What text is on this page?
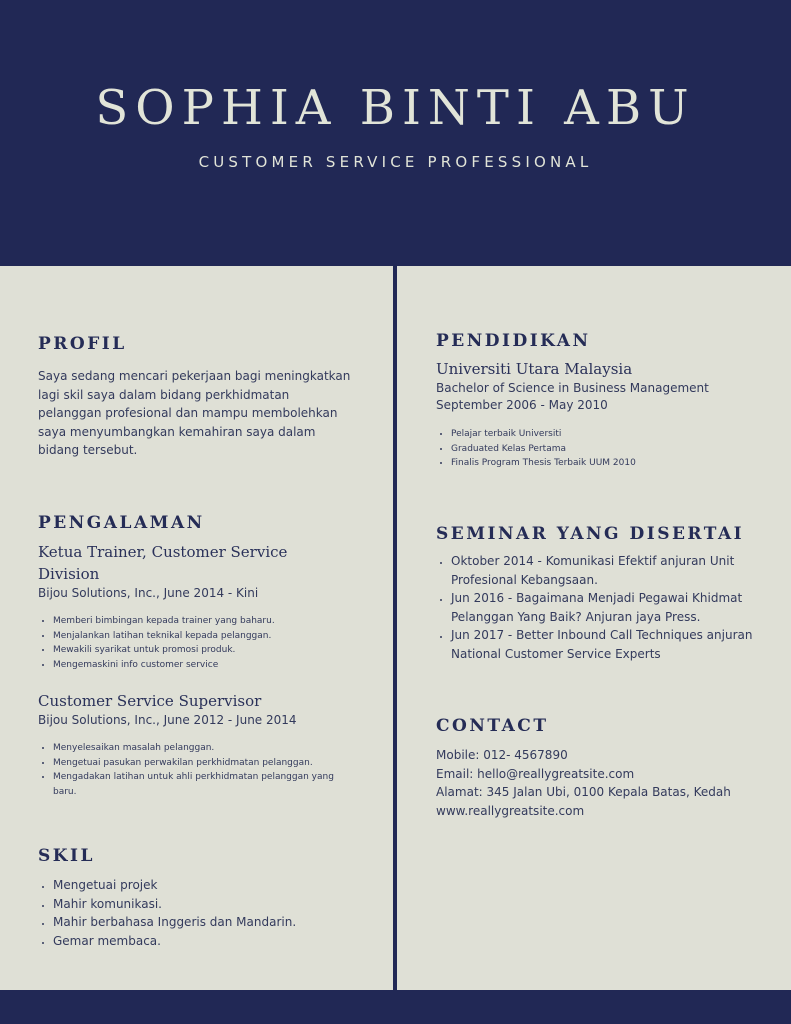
SOPHIA BINTI ABU
CUSTOMER SERVICE PROFESSIONAL
PROFIL

Saya sedang mencari pekerjaan bagi meningkatkan lagi skil saya dalam bidang perkhidmatan pelanggan profesional dan mampu membolehkan saya menyumbangkan kemahiran saya dalam bidang tersebut.

PENGALAMAN
Ketua Trainer, Customer Service Division
Bijou Solutions, Inc., June 2014 - Kini
• Memberi bimbingan kepada trainer yang baharu.
• Menjalankan latihan teknikal kepada pelanggan.
• Mewakili syarikat untuk promosi produk.
• Mengemaskini info customer service
Customer Service Supervisor
Bijou Solutions, Inc., June 2012 - June 2014
• Menyelesaikan masalah pelanggan.
• Mengetuai pasukan perwakilan perkhidmatan pelanggan.
• Mengadakan latihan untuk ahli perkhidmatan pelanggan yang baru.
SKIL
• Mengetuai projek
• Mahir komunikasi.
• Mahir berbahasa Inggeris dan Mandarin.
• Gemar membaca.
PENDIDIKAN
Universiti Utara Malaysia
Bachelor of Science in Business Management
September 2006 - May 2010
• Pelajar terbaik Universiti
• Graduated Kelas Pertama
• Finalis Program Thesis Terbaik UUM 2010
SEMINAR YANG DISERTAI
• Oktober 2014 - Komunikasi Efektif anjuran Unit Profesional Kebangsaan.
• Jun 2016 - Bagaimana Menjadi Pegawai Khidmat Pelanggan Yang Baik? Anjuran jaya Press.
• Jun 2017 - Better Inbound Call Techniques anjuran National Customer Service Experts
CONTACT
Mobile: 012- 4567890
Email: hello@reallygreatsite.com
Alamat: 345 Jalan Ubi, 0100 Kepala Batas, Kedah
www.reallygreatsite.com
